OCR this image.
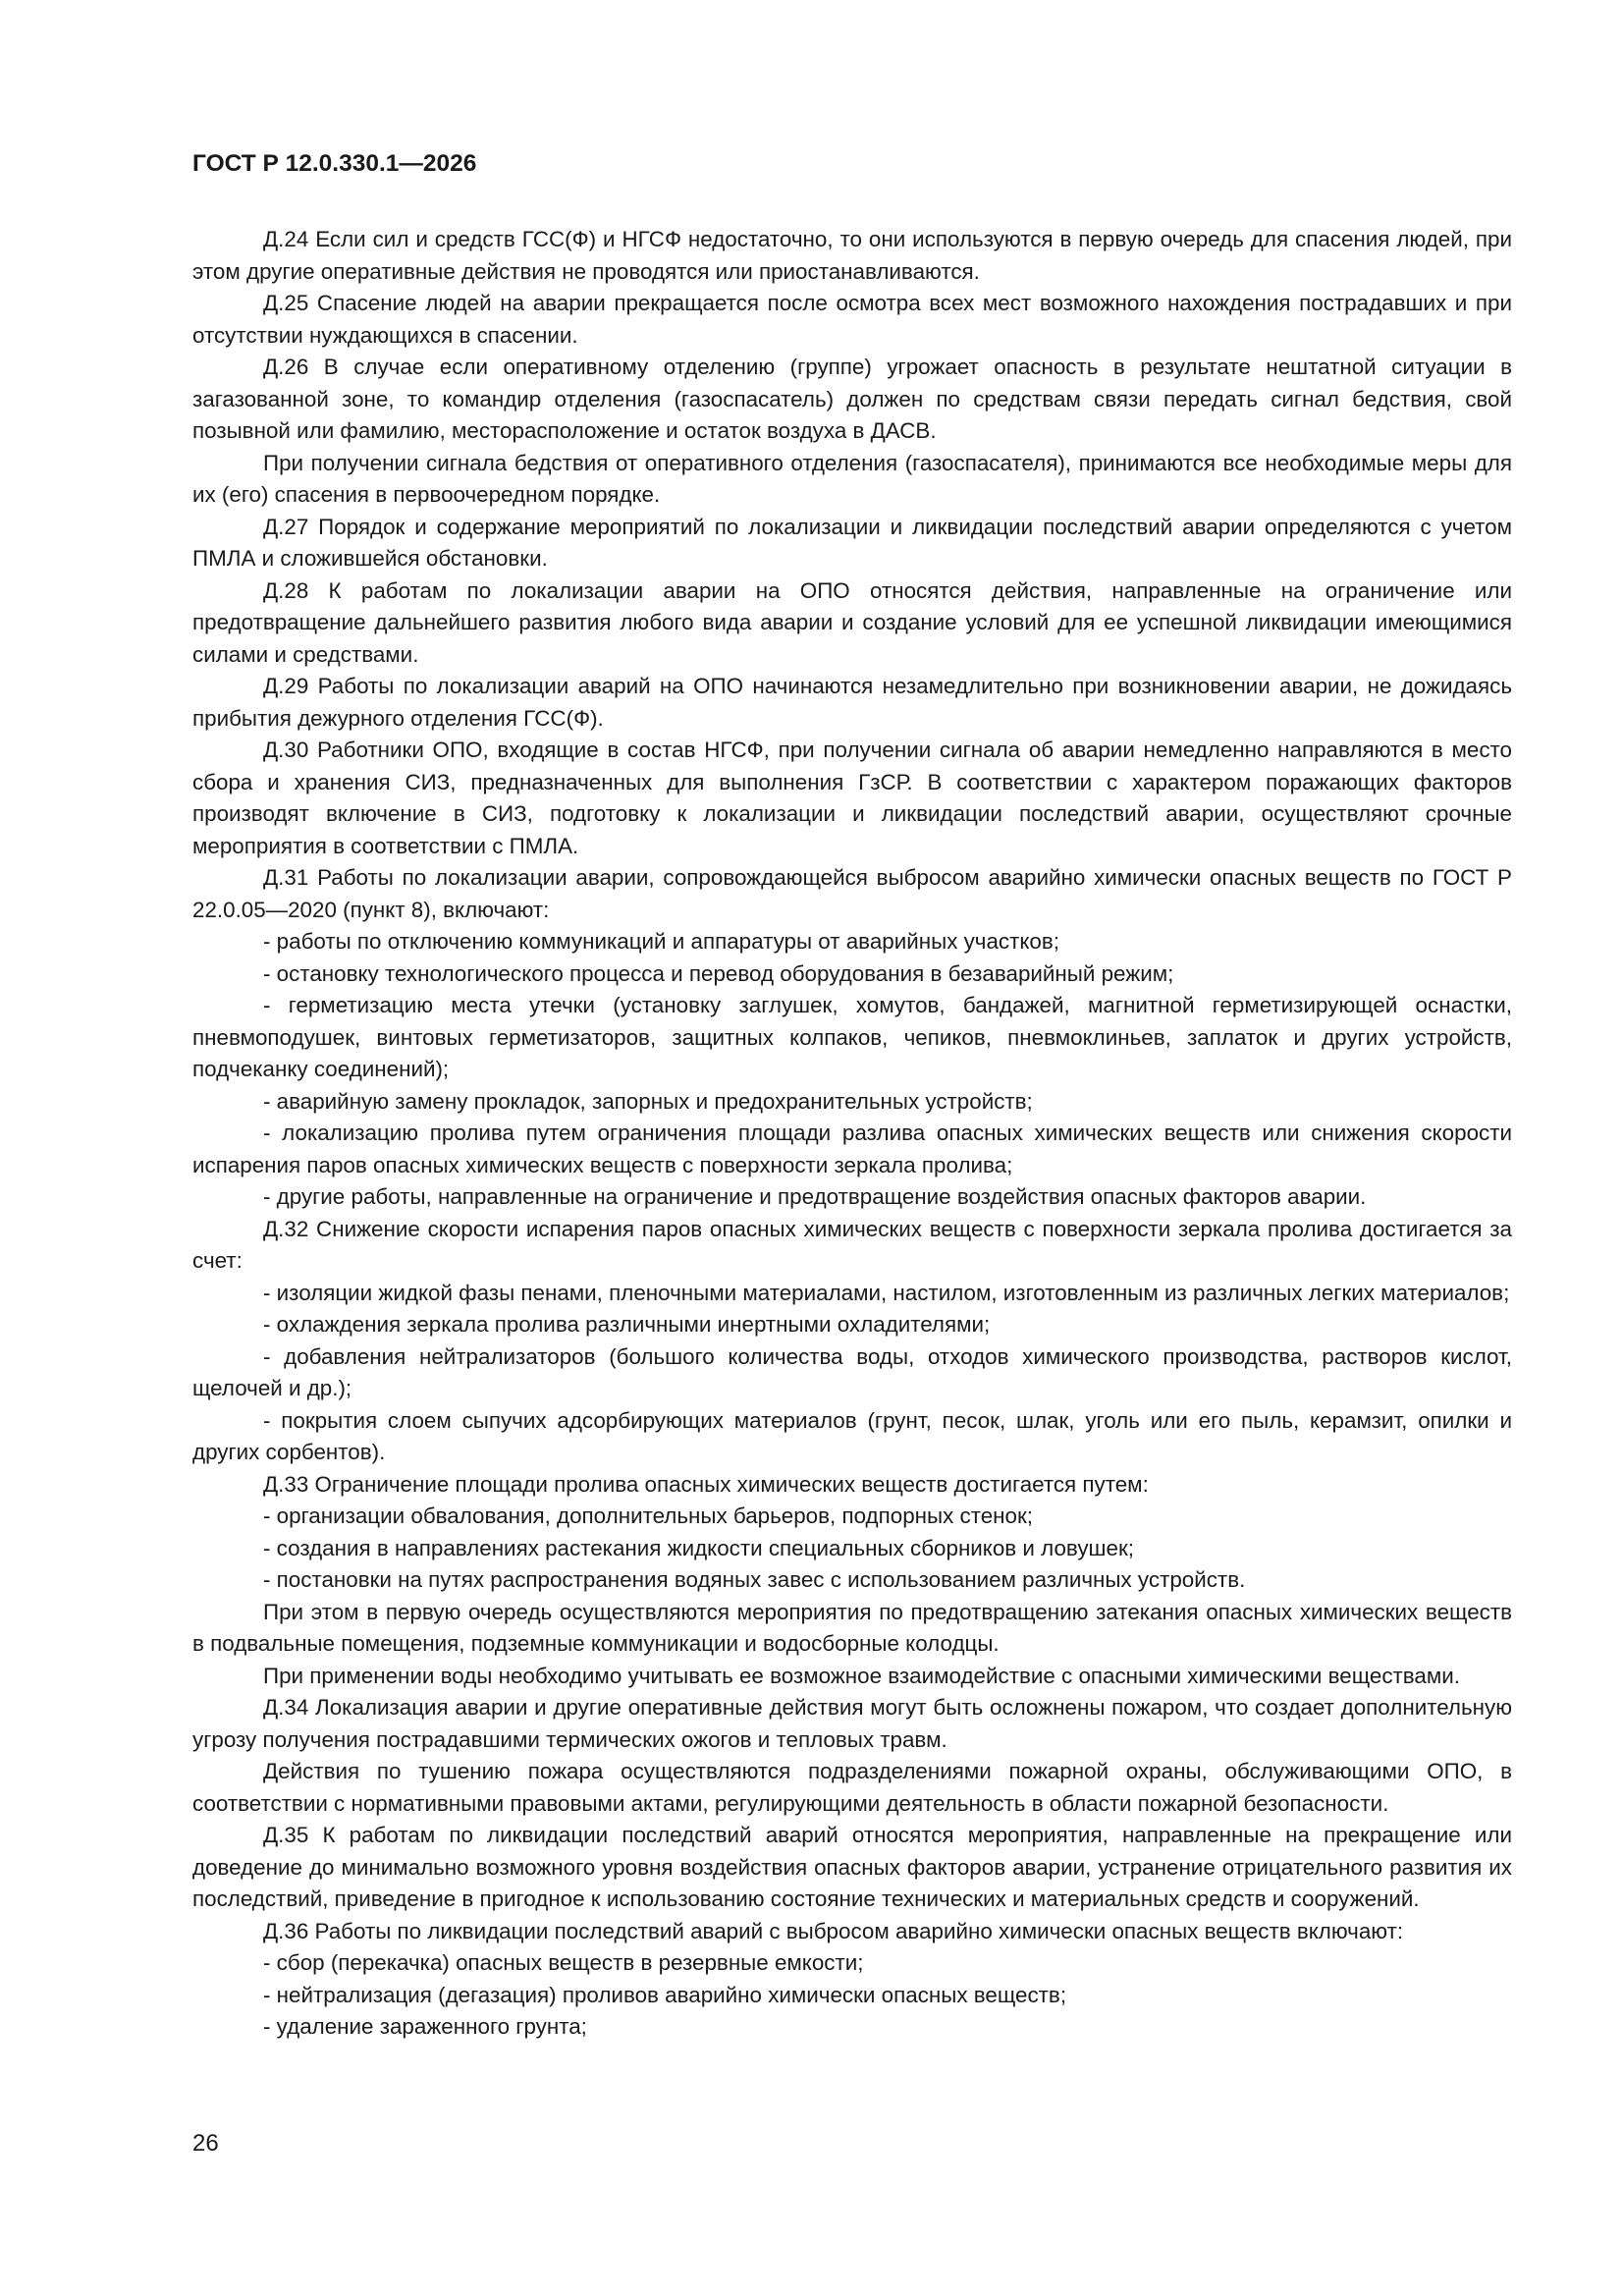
ГОСТ Р 12.0.330.1—2026

Д.24 Если сил и средств ГСС(Ф) и НГСФ недостаточно, то они используются в первую очередь для спасения людей, при этом другие оперативные действия не проводятся или приостанавливаются.

Д.25 Спасение людей на аварии прекращается после осмотра всех мест возможного нахождения пострадавших и при отсутствии нуждающихся в спасении.

Д.26 В случае если оперативному отделению (группе) угрожает опасность в результате нештатной ситуации в загазованной зоне, то командир отделения (газоспасатель) должен по средствам связи передать сигнал бедствия, свой позывной или фамилию, месторасположение и остаток воздуха в ДАСВ.

При получении сигнала бедствия от оперативного отделения (газоспасателя), принимаются все необходимые меры для их (его) спасения в первоочередном порядке.

Д.27 Порядок и содержание мероприятий по локализации и ликвидации последствий аварии определяются с учетом ПМЛА и сложившейся обстановки.

Д.28 К работам по локализации аварии на ОПО относятся действия, направленные на ограничение или предотвращение дальнейшего развития любого вида аварии и создание условий для ее успешной ликвидации имеющимися силами и средствами.

Д.29 Работы по локализации аварий на ОПО начинаются незамедлительно при возникновении аварии, не дожидаясь прибытия дежурного отделения ГСС(Ф).

Д.30 Работники ОПО, входящие в состав НГСФ, при получении сигнала об аварии немедленно направляются в место сбора и хранения СИЗ, предназначенных для выполнения ГзСР. В соответствии с характером поражающих факторов производят включение в СИЗ, подготовку к локализации и ликвидации последствий аварии, осуществляют срочные мероприятия в соответствии с ПМЛА.

Д.31 Работы по локализации аварии, сопровождающейся выбросом аварийно химически опасных веществ по ГОСТ Р 22.0.05—2020 (пункт 8), включают:

- работы по отключению коммуникаций и аппаратуры от аварийных участков;

- остановку технологического процесса и перевод оборудования в безаварийный режим;

- герметизацию места утечки (установку заглушек, хомутов, бандажей, магнитной герметизирующей оснастки, пневмоподушек, винтовых герметизаторов, защитных колпаков, чепиков, пневмоклиньев, заплаток и других устройств, подчеканку соединений);

- аварийную замену прокладок, запорных и предохранительных устройств;

- локализацию пролива путем ограничения площади разлива опасных химических веществ или снижения скорости испарения паров опасных химических веществ с поверхности зеркала пролива;

- другие работы, направленные на ограничение и предотвращение воздействия опасных факторов аварии.

Д.32 Снижение скорости испарения паров опасных химических веществ с поверхности зеркала пролива достигается за счет:

- изоляции жидкой фазы пенами, пленочными материалами, настилом, изготовленным из различных легких материалов;

- охлаждения зеркала пролива различными инертными охладителями;

- добавления нейтрализаторов (большого количества воды, отходов химического производства, растворов кислот, щелочей и др.);

- покрытия слоем сыпучих адсорбирующих материалов (грунт, песок, шлак, уголь или его пыль, керамзит, опилки и других сорбентов).

Д.33 Ограничение площади пролива опасных химических веществ достигается путем:

- организации обвалования, дополнительных барьеров, подпорных стенок;

- создания в направлениях растекания жидкости специальных сборников и ловушек;

- постановки на путях распространения водяных завес с использованием различных устройств.

При этом в первую очередь осуществляются мероприятия по предотвращению затекания опасных химических веществ в подвальные помещения, подземные коммуникации и водосборные колодцы.

При применении воды необходимо учитывать ее возможное взаимодействие с опасными химическими веществами.

Д.34 Локализация аварии и другие оперативные действия могут быть осложнены пожаром, что создает дополнительную угрозу получения пострадавшими термических ожогов и тепловых травм.

Действия по тушению пожара осуществляются подразделениями пожарной охраны, обслуживающими ОПО, в соответствии с нормативными правовыми актами, регулирующими деятельность в области пожарной безопасности.

Д.35 К работам по ликвидации последствий аварий относятся мероприятия, направленные на прекращение или доведение до минимально возможного уровня воздействия опасных факторов аварии, устранение отрицательного развития их последствий, приведение в пригодное к использованию состояние технических и материальных средств и сооружений.

Д.36 Работы по ликвидации последствий аварий с выбросом аварийно химически опасных веществ включают:

- сбор (перекачка) опасных веществ в резервные емкости;

- нейтрализация (дегазация) проливов аварийно химически опасных веществ;

- удаление зараженного грунта;

26
